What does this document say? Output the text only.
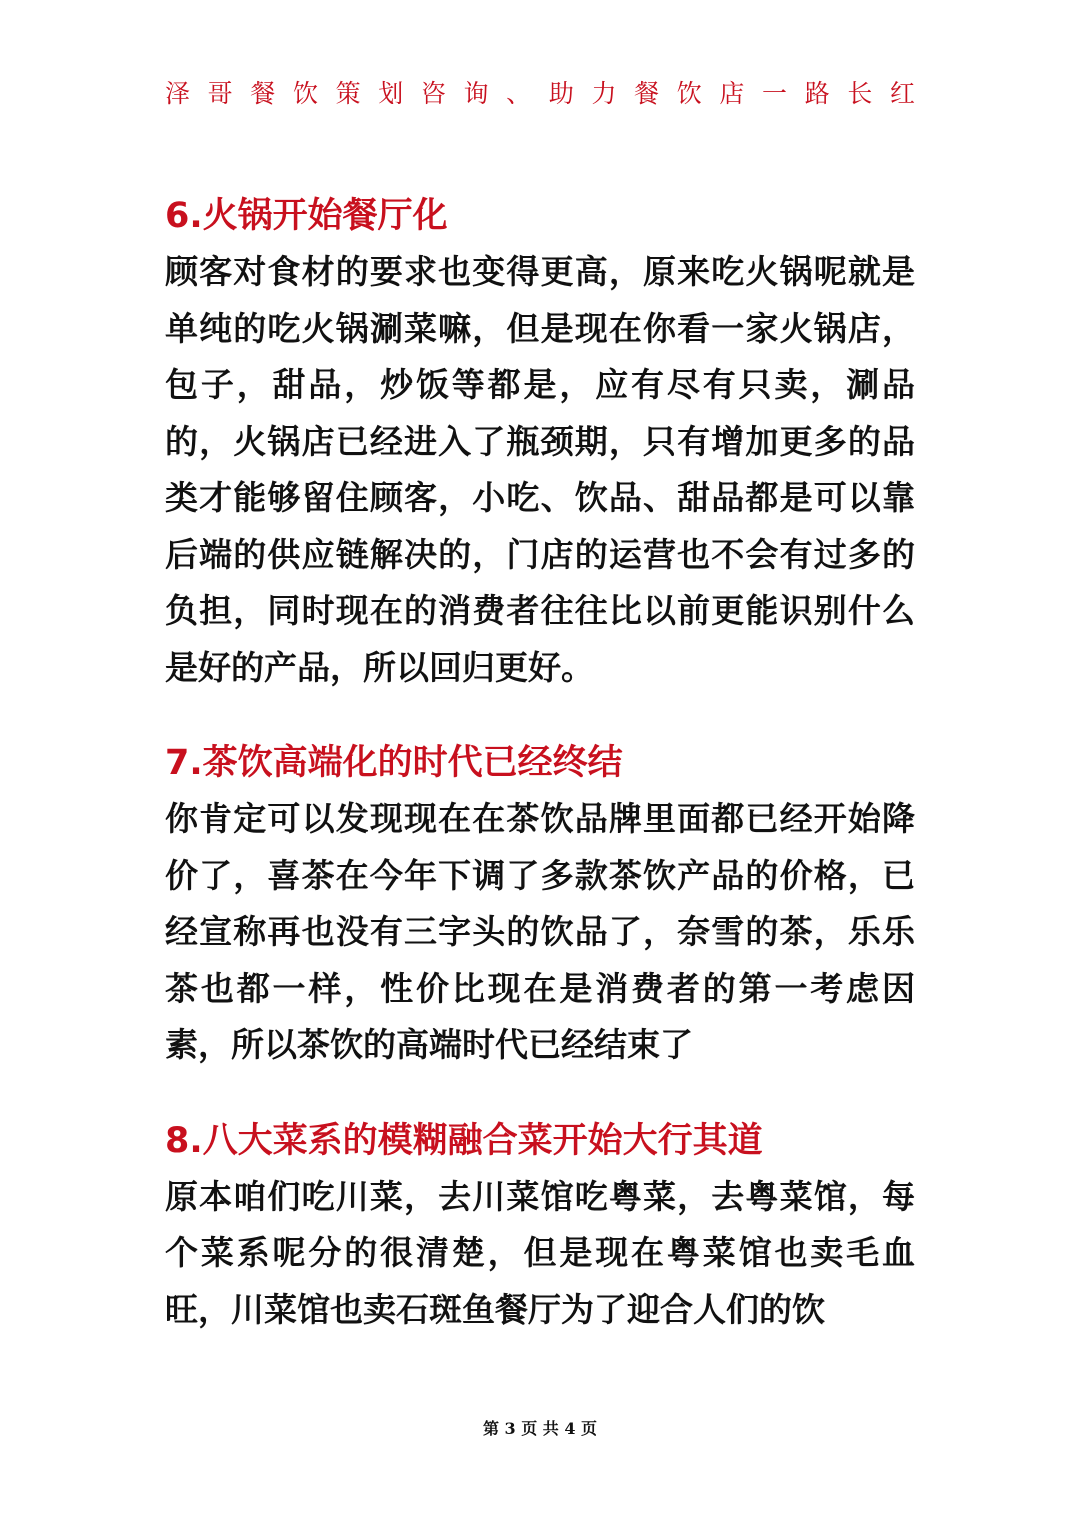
泽哥餐饮策划咨询、助力餐饮店一路长红
6.火锅开始餐厅化

顾客对食材的要求也变得更高，原来吃火锅呢就是单纯的吃火锅涮菜嘛，但是现在你看一家火锅店，包子，甜品，炒饭等都是，应有尽有只卖，涮品的，火锅店已经进入了瓶颈期，只有增加更多的品类才能够留住顾客，小吃、饮品、甜品都是可以靠后端的供应链解决的，门店的运营也不会有过多的负担，同时现在的消费者往往比以前更能识别什么是好的产品，所以回归更好。

7.茶饮高端化的时代已经终结

你肯定可以发现现在在茶饮品牌里面都已经开始降价了，喜茶在今年下调了多款茶饮产品的价格，已经宣称再也没有三字头的饮品了，奈雪的茶，乐乐茶也都一样，性价比现在是消费者的第一考虑因素，所以茶饮的高端时代已经结束了

8.八大菜系的模糊融合菜开始大行其道

原本咱们吃川菜，去川菜馆吃粤菜，去粤菜馆，每个菜系呢分的很清楚，但是现在粤菜馆也卖毛血旺，川菜馆也卖石斑鱼餐厅为了迎合人们的饮

第 3 页 共 4 页
